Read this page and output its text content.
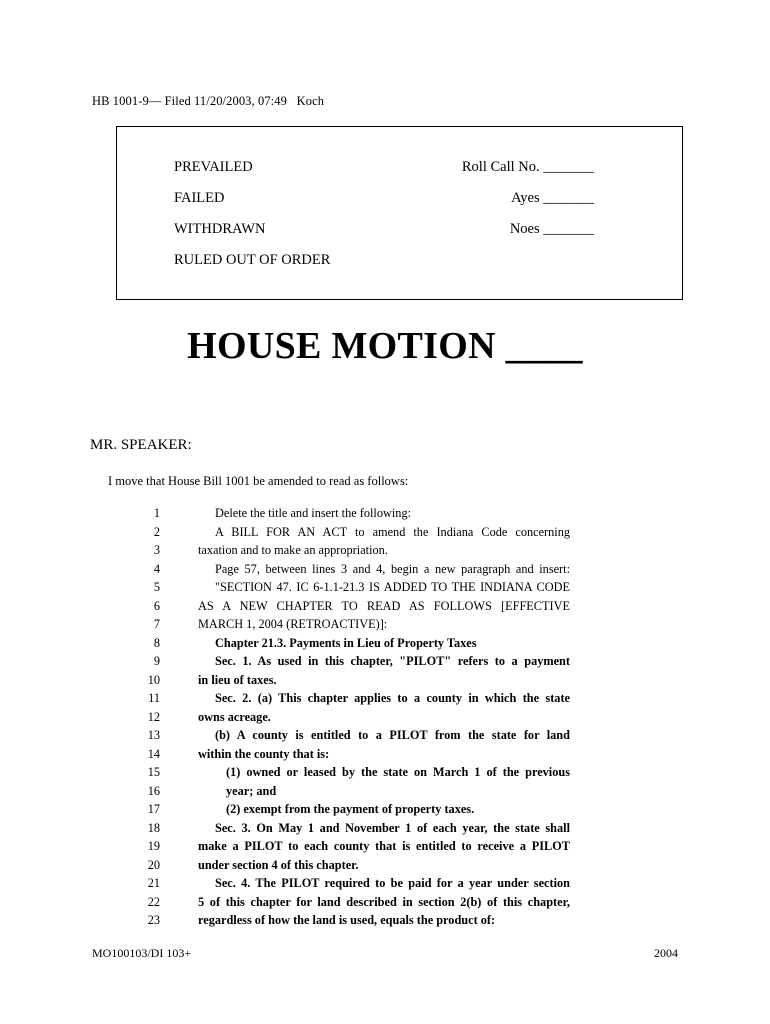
HB 1001-9— Filed 11/20/2003, 07:49   Koch
PREVAILED
FAILED
WITHDRAWN
RULED OUT OF ORDER
Roll Call No. _______
Ayes _______
Noes _______
HOUSE MOTION ____
MR. SPEAKER:
I move that House Bill 1001 be amended to read as follows:
1	Delete the title and insert the following:
2	A BILL FOR AN ACT to amend the Indiana Code concerning
3	taxation and to make an appropriation.
4	Page 57, between lines 3 and 4, begin a new paragraph and insert:
5	"SECTION 47. IC 6-1.1-21.3 IS ADDED TO THE INDIANA CODE
6	AS A NEW CHAPTER TO READ AS FOLLOWS [EFFECTIVE
7	MARCH 1, 2004 (RETROACTIVE)]:
8	Chapter 21.3. Payments in Lieu of Property Taxes
9	Sec. 1. As used in this chapter, "PILOT" refers to a payment
10	in lieu of taxes.
11	Sec. 2. (a) This chapter applies to a county in which the state
12	owns acreage.
13	(b) A county is entitled to a PILOT from the state for land
14	within the county that is:
15	(1) owned or leased by the state on March 1 of the previous
16	year; and
17	(2) exempt from the payment of property taxes.
18	Sec. 3. On May 1 and November 1 of each year, the state shall
19	make a PILOT to each county that is entitled to receive a PILOT
20	under section 4 of this chapter.
21	Sec. 4. The PILOT required to be paid for a year under section
22	5 of this chapter for land described in section 2(b) of this chapter,
23	regardless of how the land is used, equals the product of:
MO100103/DI 103+	2004
